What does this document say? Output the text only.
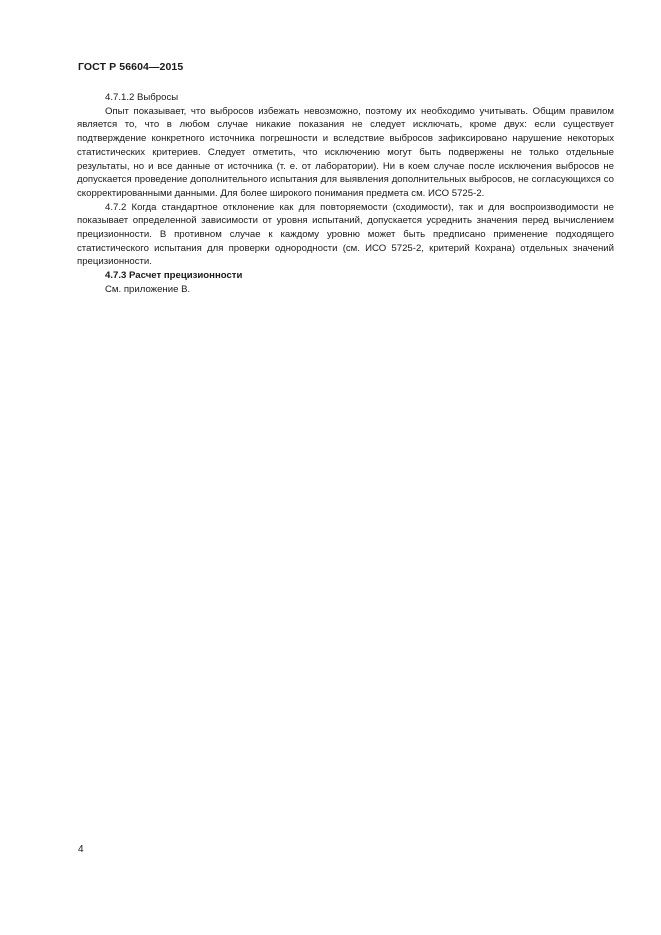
ГОСТ Р 56604—2015

4.7.1.2 Выбросы

Опыт показывает, что выбросов избежать невозможно, поэтому их необходимо учитывать. Общим правилом является то, что в любом случае никакие показания не следует исключать, кроме двух: если существует подтверждение конкретного источника погрешности и вследствие выбросов зафиксировано нарушение некоторых статистических критериев. Следует отметить, что исключению могут быть подвержены не только отдельные результаты, но и все данные от источника (т. е. от лаборатории). Ни в коем случае после исключения выбросов не допускается проведение дополнительного испытания для выявления дополнительных выбросов, не согласующихся со скорректированными данными. Для более широкого понимания предмета см. ИСО 5725-2.

4.7.2 Когда стандартное отклонение как для повторяемости (сходимости), так и для воспроизводимости не показывает определенной зависимости от уровня испытаний, допускается усреднить значения перед вычислением прецизионности. В противном случае к каждому уровню может быть предписано применение подходящего статистического испытания для проверки однородности (см. ИСО 5725-2, критерий Кохрана) отдельных значений прецизионности.

4.7.3 Расчет прецизионности

См. приложение В.

4
